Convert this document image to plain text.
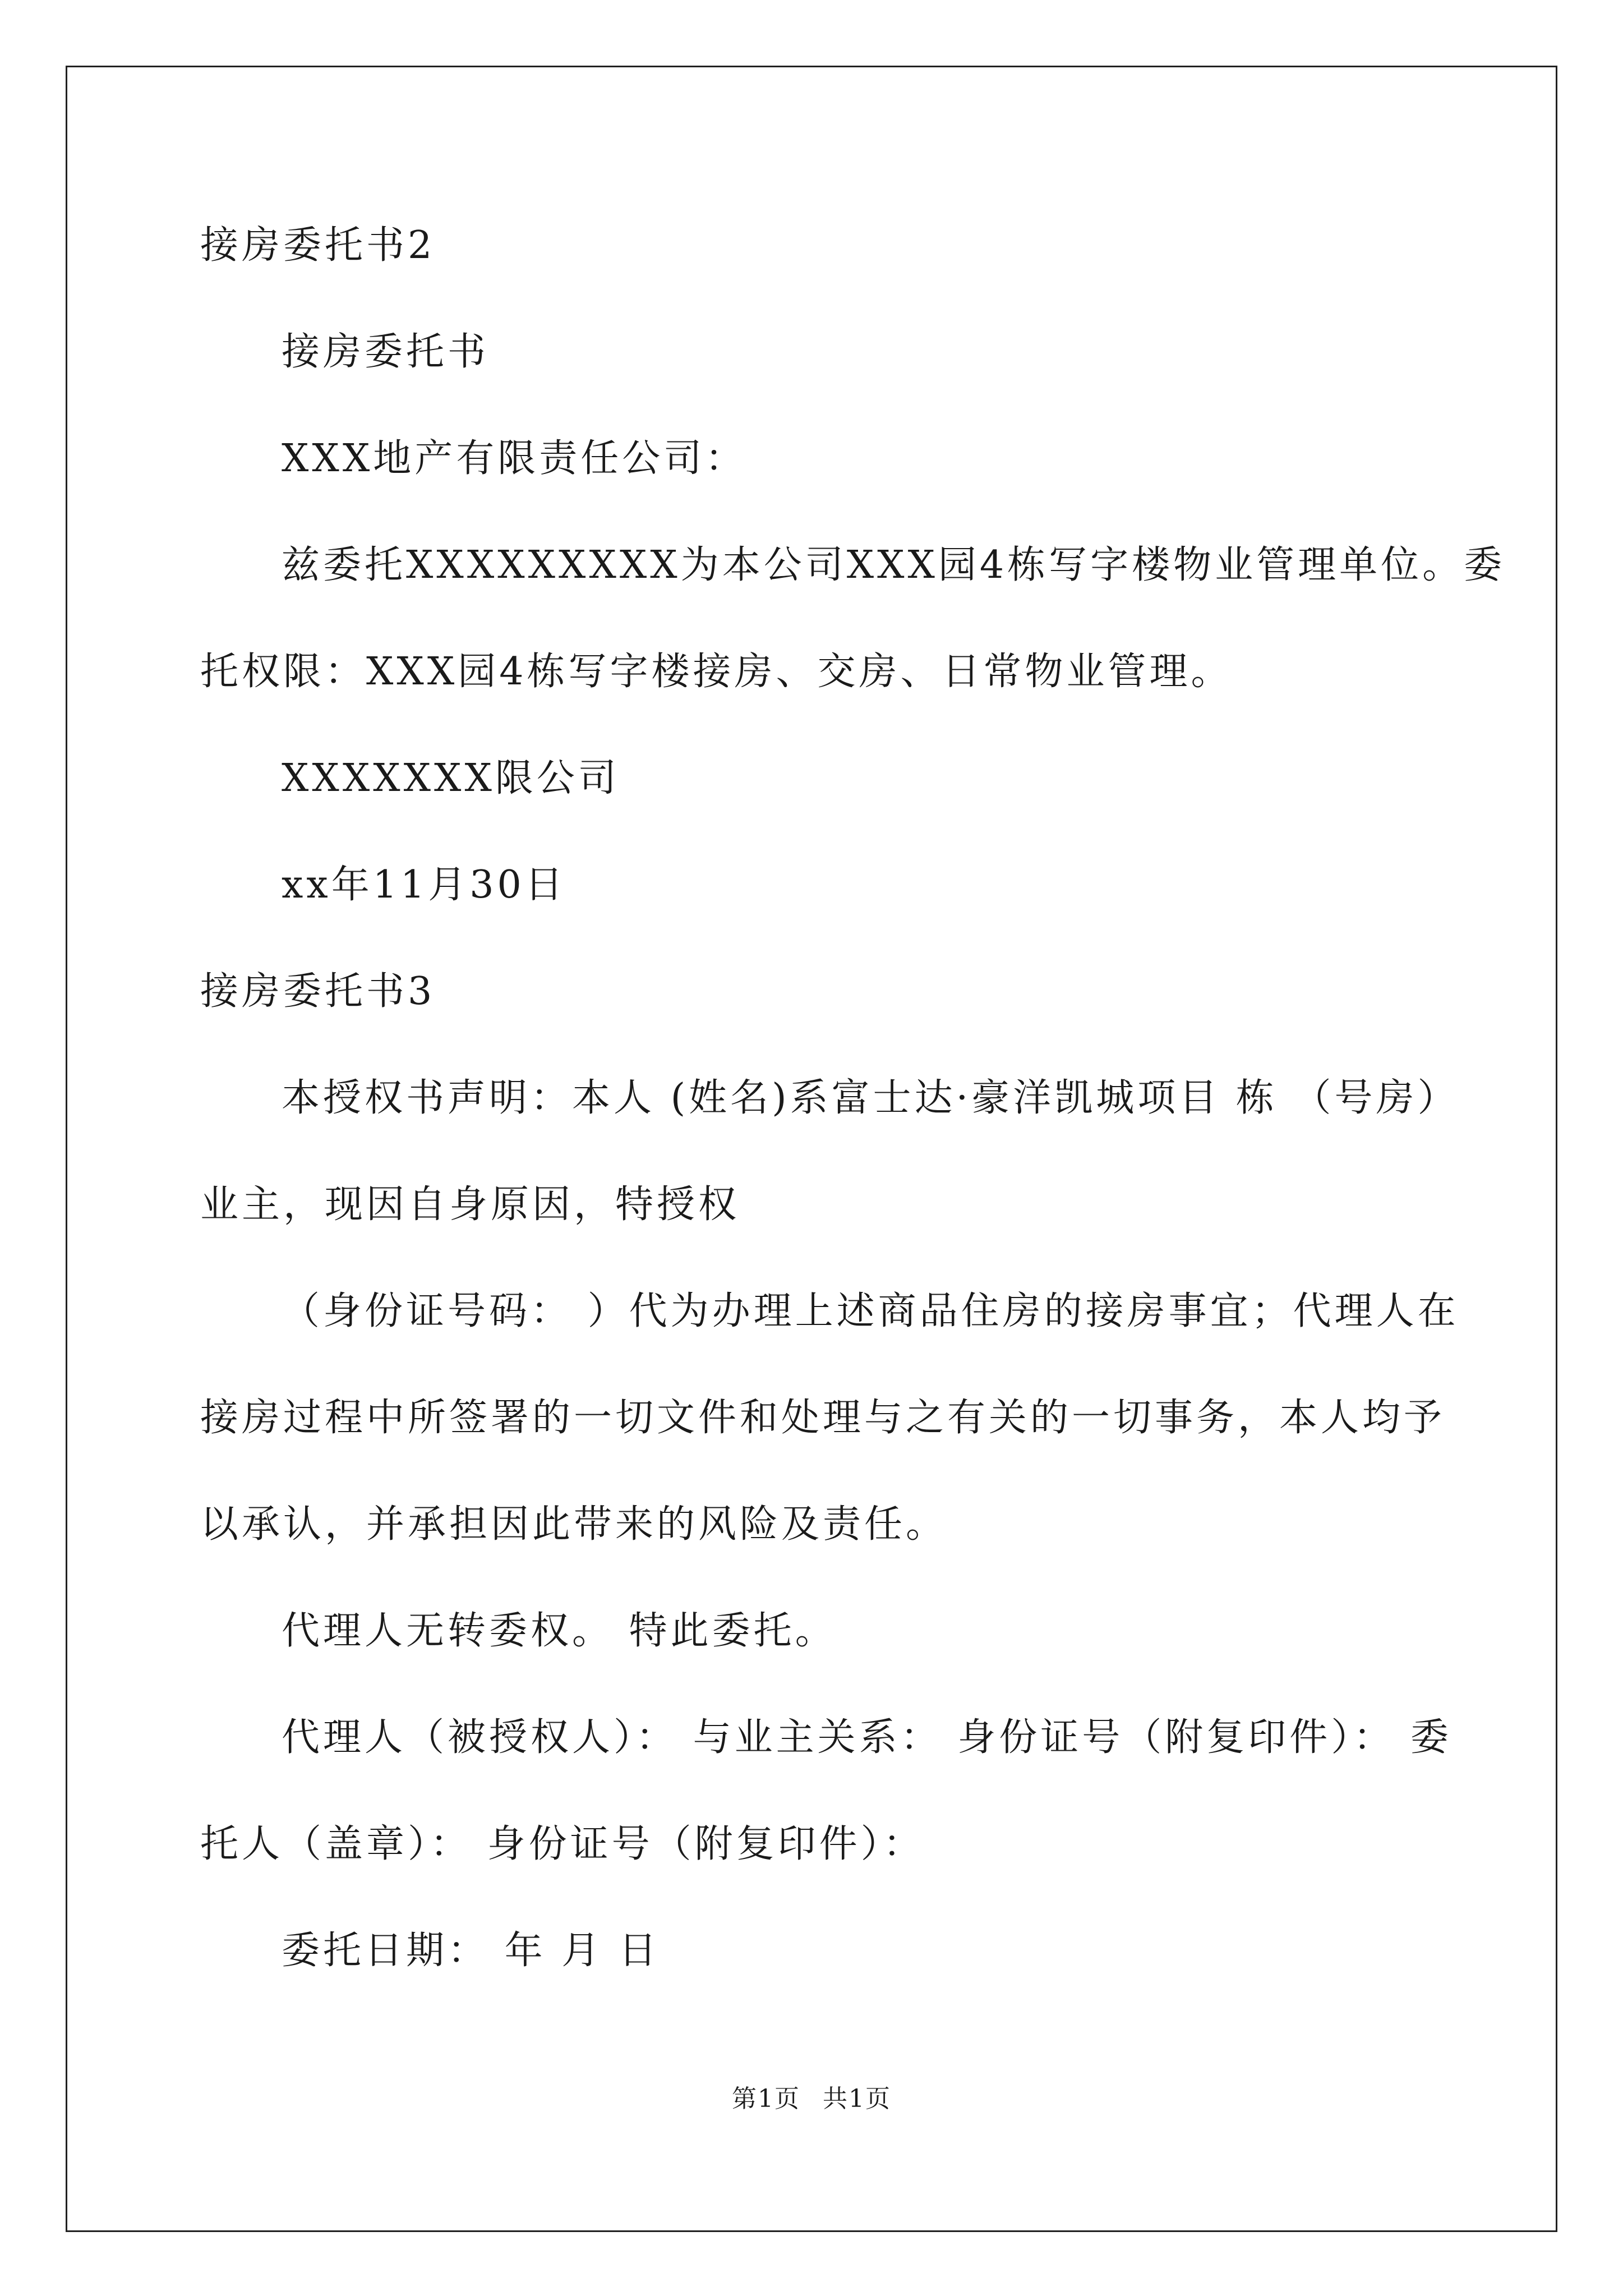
接房委托书2
接房委托书
XXX地产有限责任公司：
兹委托XXXXXXXXX为本公司XXX园4栋写字楼物业管理单位。委
托权限：XXX园4栋写字楼接房、交房、日常物业管理。
XXXXXXX限公司
xx年11月30日
接房委托书3
本授权书声明：本人 (姓名)系富士达·豪洋凯城项目 栋 （号房）
业主，现因自身原因，特授权
（身份证号码： ）代为办理上述商品住房的接房事宜；代理人在
接房过程中所签署的一切文件和处理与之有关的一切事务，本人均予
以承认，并承担因此带来的风险及责任。
代理人无转委权。 特此委托。
代理人（被授权人）： 与业主关系： 身份证号（附复印件）： 委
托人（盖章）： 身份证号（附复印件）：
委托日期： 年 月 日
第1页 共1页
